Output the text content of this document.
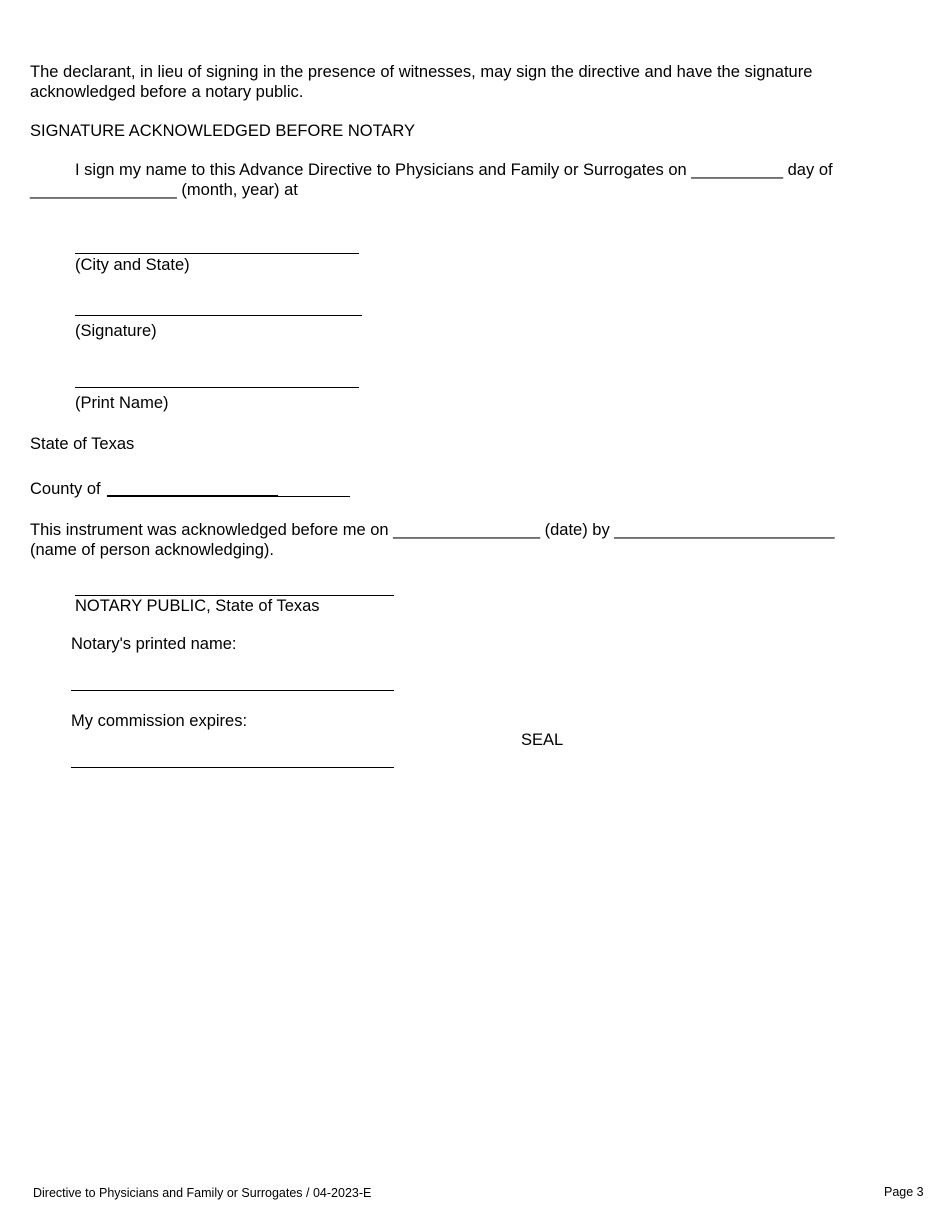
The declarant, in lieu of signing in the presence of witnesses, may sign the directive and have the signature acknowledged before a notary public.
SIGNATURE ACKNOWLEDGED BEFORE NOTARY
I sign my name to this Advance Directive to Physicians and Family or Surrogates on __________ day of
________________ (month, year) at
(City and State)
(Signature)
(Print Name)
State of Texas
County of
This instrument was acknowledged before me on ________________ (date) by ________________________
(name of person acknowledging).
NOTARY PUBLIC, State of Texas
Notary's printed name:
My commission expires:
SEAL
Directive to Physicians and Family or Surrogates / 04-2023-E	Page 3
